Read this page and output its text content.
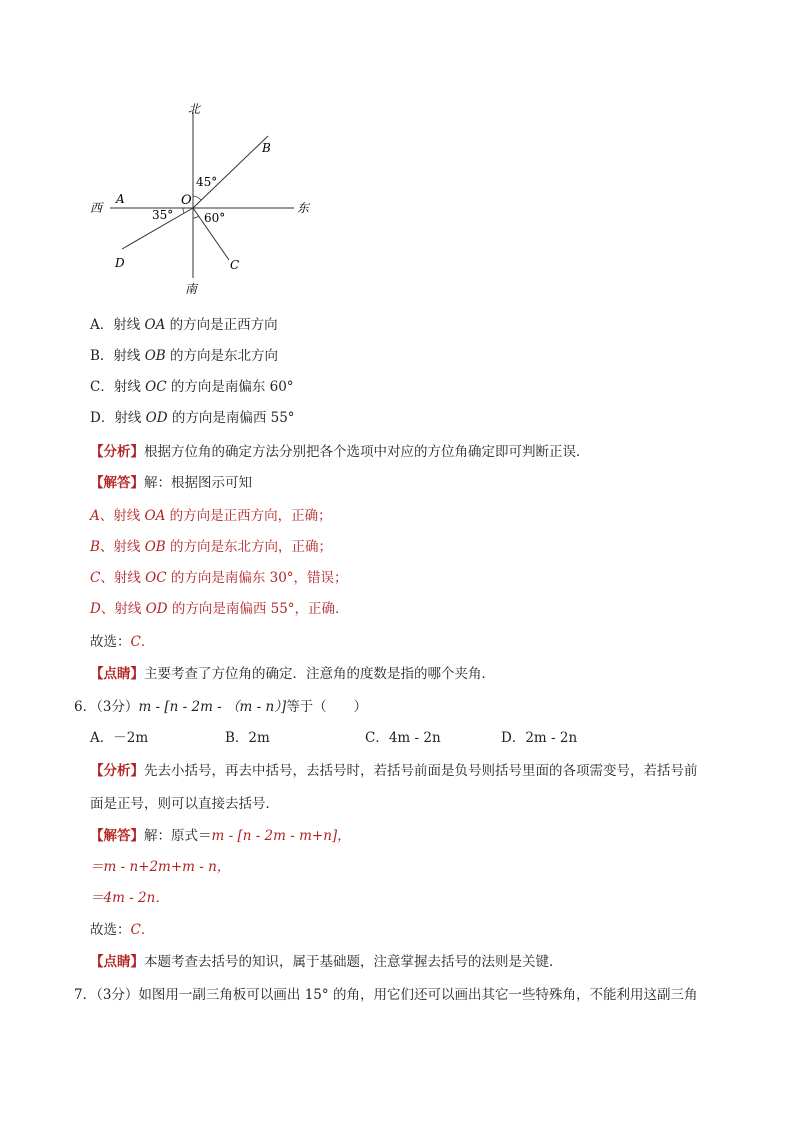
北
南
西	东
O
A
B
C
D
45°
35°	60°
A．射线 OA 的方向是正西方向
B．射线 OB 的方向是东北方向
C．射线 OC 的方向是南偏东 60°
D．射线 OD 的方向是南偏西 55°
【分析】根据方位角的确定方法分别把各个选项中对应的方位角确定即可判断正误．
【解答】解：根据图示可知
A、射线 OA 的方向是正西方向，正确；
B、射线 OB 的方向是东北方向，正确；
C、射线 OC 的方向是南偏东 30°，错误；
D、射线 OD 的方向是南偏西 55°，正确．
故选：C．
【点睛】主要考查了方位角的确定．注意角的度数是指的哪个夹角．
6．（3分）m - [n - 2m - （m - n）]等于（　　）
A．－2m	B．2m	C．4m - 2n	D．2m - 2n
【分析】先去小括号，再去中括号，去括号时，若括号前面是负号则括号里面的各项需变号，若括号前
面是正号，则可以直接去括号．
【解答】解：原式＝m - [n - 2m - m+n]，
＝m - n+2m+m - n，
＝4m - 2n．
故选：C．
【点睛】本题考查去括号的知识，属于基础题，注意掌握去括号的法则是关键．
7．（3分）如图用一副三角板可以画出 15° 的角，用它们还可以画出其它一些特殊角，不能利用这副三角
